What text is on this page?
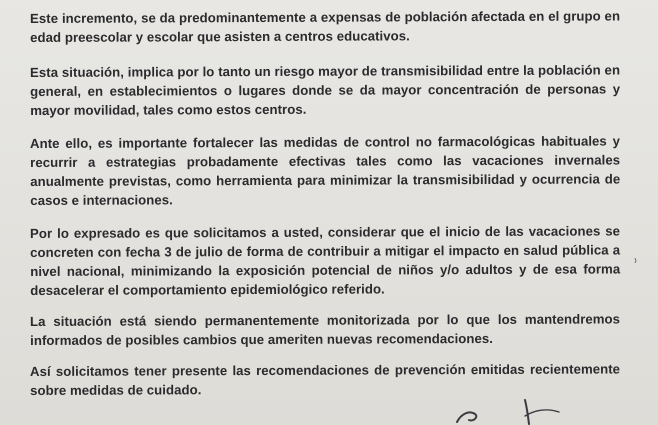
Este incremento, se da predominantemente a expensas de población afectada en el grupo en edad preescolar y escolar que asisten a centros educativos.

Esta situación, implica por lo tanto un riesgo mayor de transmisibilidad entre la población en general, en establecimientos o lugares donde se da mayor concentración de personas y mayor movilidad, tales como estos centros.

Ante ello, es importante fortalecer las medidas de control no farmacológicas habituales y recurrir a estrategias probadamente efectivas tales como las vacaciones invernales anualmente previstas, como herramienta para minimizar la transmisibilidad y ocurrencia de casos e internaciones.

Por lo expresado es que solicitamos a usted, considerar que el inicio de las vacaciones se concreten con fecha 3 de julio de forma de contribuir a mitigar el impacto en salud pública a nivel nacional, minimizando la exposición potencial de niños y/o adultos y de esa forma desacelerar el comportamiento epidemiológico referido.

La situación está siendo permanentemente monitorizada por lo que los mantendremos informados de posibles cambios que ameriten nuevas recomendaciones.

Así solicitamos tener presente las recomendaciones de prevención emitidas recientemente sobre medidas de cuidado.
